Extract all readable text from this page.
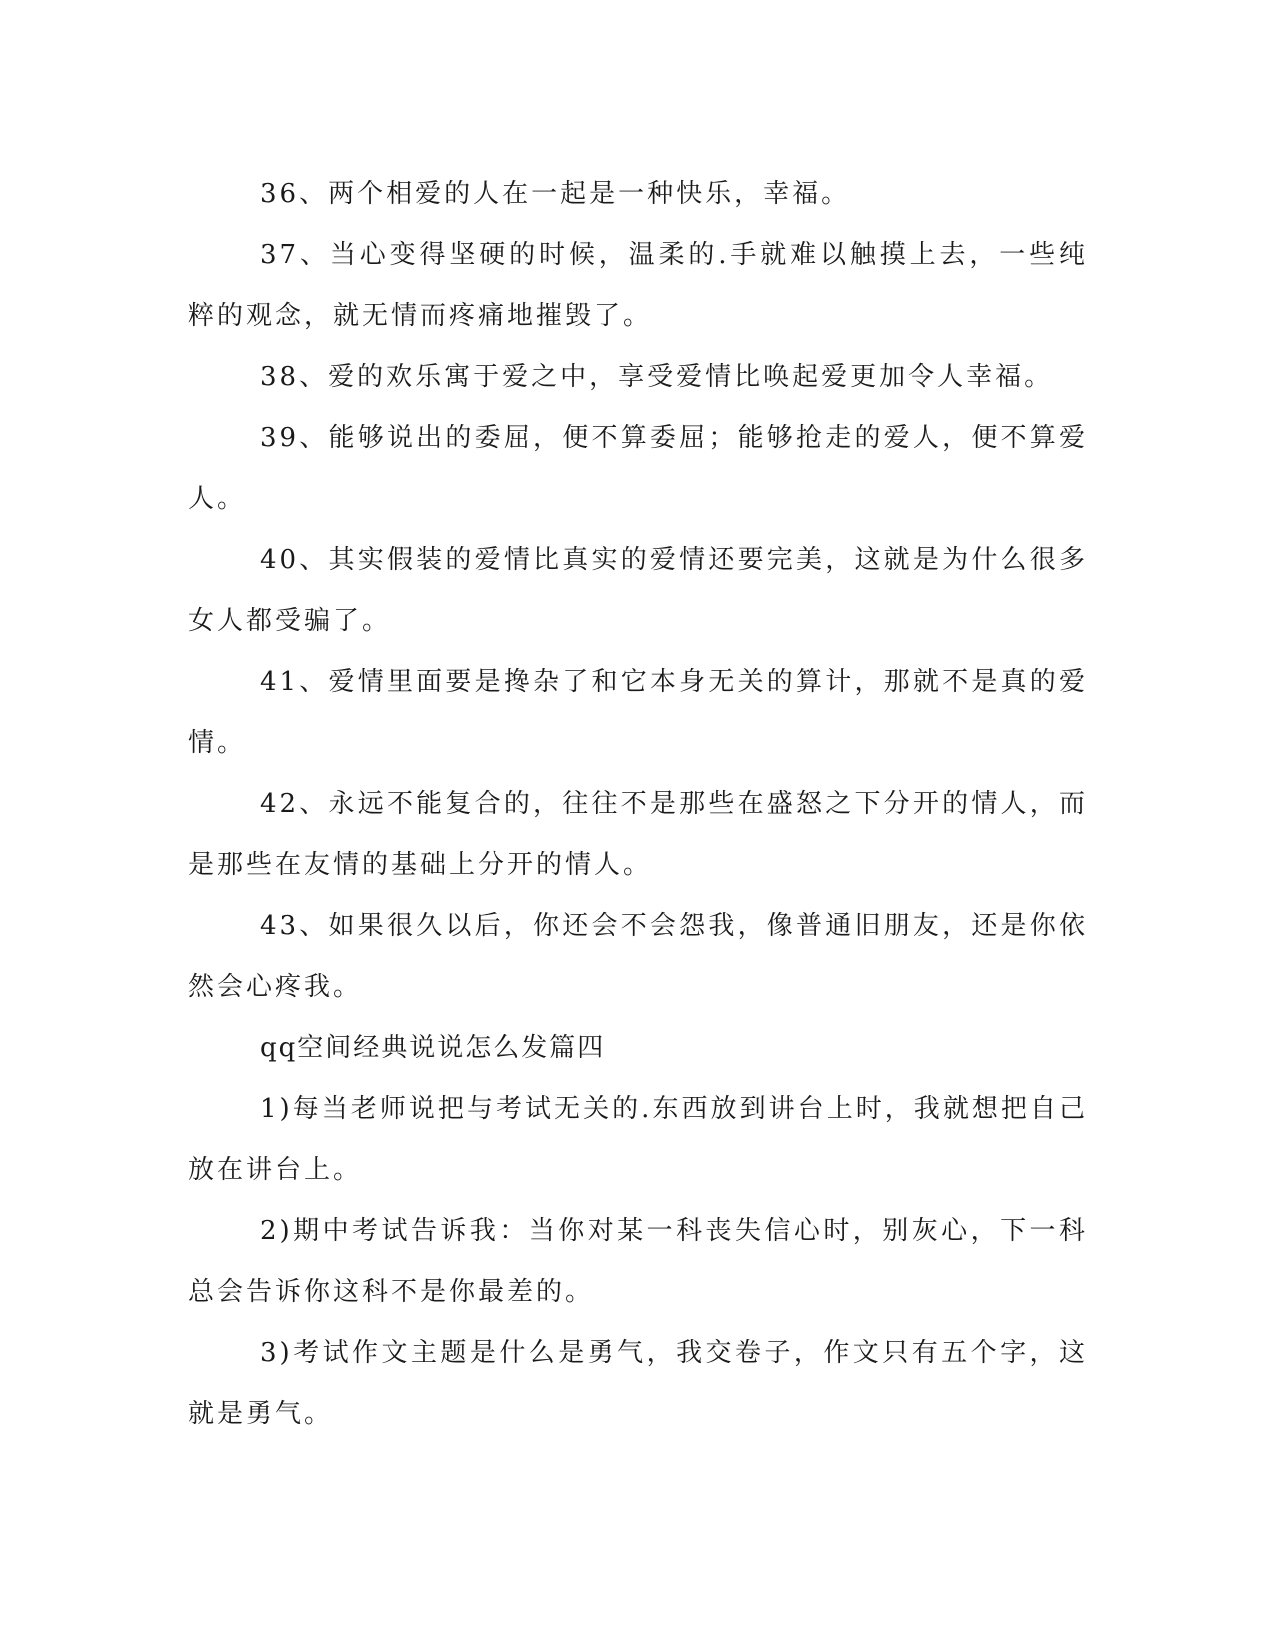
36、两个相爱的人在一起是一种快乐，幸福。

37、当心变得坚硬的时候，温柔的.手就难以触摸上去，一些纯粹的观念，就无情而疼痛地摧毁了。

38、爱的欢乐寓于爱之中，享受爱情比唤起爱更加令人幸福。

39、能够说出的委屈，便不算委屈；能够抢走的爱人，便不算爱人。

40、其实假装的爱情比真实的爱情还要完美，这就是为什么很多女人都受骗了。

41、爱情里面要是搀杂了和它本身无关的算计，那就不是真的爱情。

42、永远不能复合的，往往不是那些在盛怒之下分开的情人，而是那些在友情的基础上分开的情人。

43、如果很久以后，你还会不会怨我，像普通旧朋友，还是你依然会心疼我。

qq空间经典说说怎么发篇四

1)每当老师说把与考试无关的.东西放到讲台上时，我就想把自己放在讲台上。

2)期中考试告诉我：当你对某一科丧失信心时，别灰心，下一科总会告诉你这科不是你最差的。

3)考试作文主题是什么是勇气，我交卷子，作文只有五个字，这就是勇气。
